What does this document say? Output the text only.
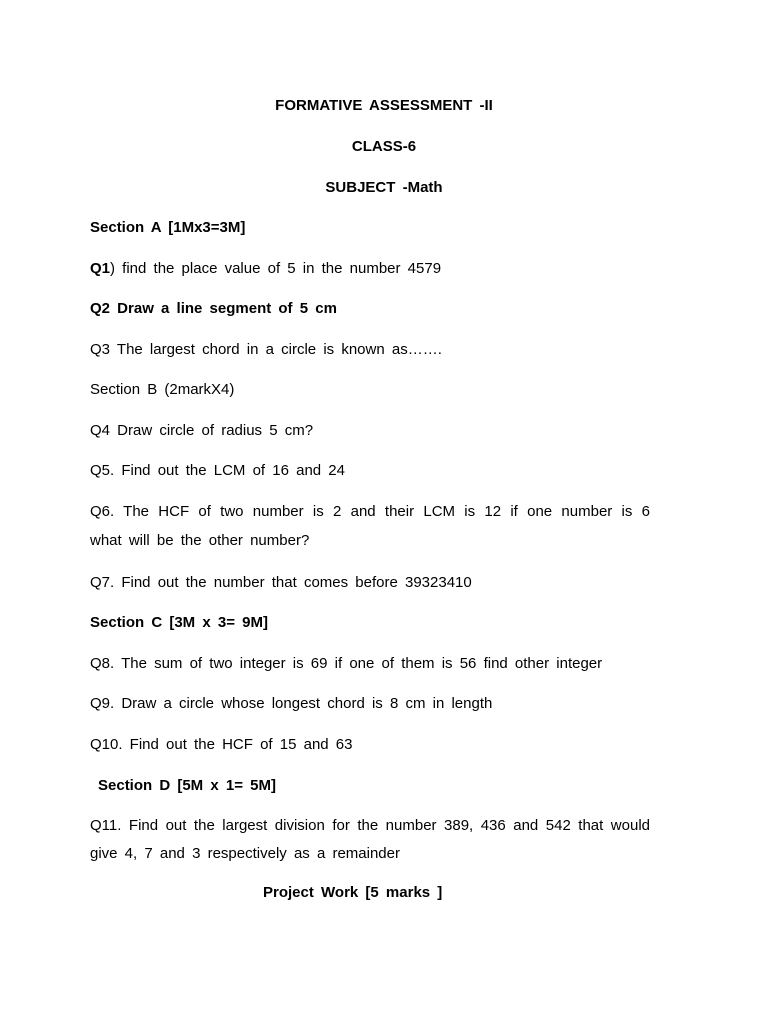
FORMATIVE ASSESSMENT -II
CLASS-6
SUBJECT -Math
Section A [1Mx3=3M]
Q1) find the place value of 5 in the number 4579
Q2 Draw a line segment of 5 cm
Q3 The largest chord in a circle is known as…….
Section B (2markX4)
Q4 Draw circle of radius 5 cm?
Q5. Find out the LCM of 16 and 24
Q6. The HCF of two number is 2 and their LCM is 12 if one number is 6 what will be the other number?
Q7. Find out the number that comes before 39323410
Section C [3M x 3= 9M]
Q8. The sum of two integer is 69 if one of them is 56 find other integer
Q9. Draw a circle whose longest chord is 8 cm in length
Q10. Find out the HCF of 15 and 63
Section D [5M x 1= 5M]
Q11. Find out the largest division for the number 389, 436 and 542 that would give 4, 7 and 3 respectively as a remainder
Project Work [5 marks ]
